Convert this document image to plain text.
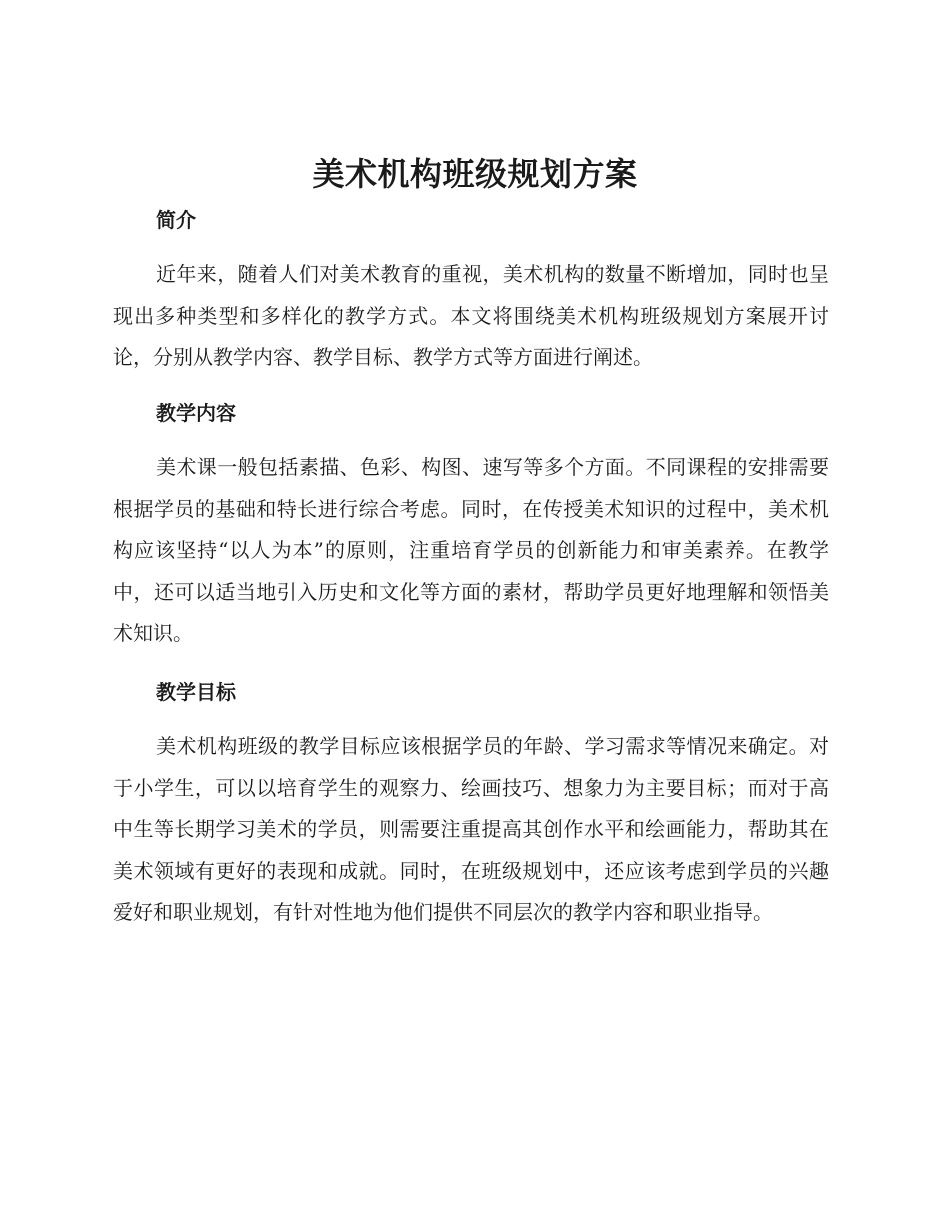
美术机构班级规划方案
简介

近年来，随着人们对美术教育的重视，美术机构的数量不断增加，同时也呈现出多种类型和多样化的教学方式。本文将围绕美术机构班级规划方案展开讨论，分别从教学内容、教学目标、教学方式等方面进行阐述。

教学内容

美术课一般包括素描、色彩、构图、速写等多个方面。不同课程的安排需要根据学员的基础和特长进行综合考虑。同时，在传授美术知识的过程中，美术机构应该坚持“以人为本”的原则，注重培育学员的创新能力和审美素养。在教学中，还可以适当地引入历史和文化等方面的素材，帮助学员更好地理解和领悟美术知识。

教学目标

美术机构班级的教学目标应该根据学员的年龄、学习需求等情况来确定。对于小学生，可以以培育学生的观察力、绘画技巧、想象力为主要目标；而对于高中生等长期学习美术的学员，则需要注重提高其创作水平和绘画能力，帮助其在美术领域有更好的表现和成就。同时，在班级规划中，还应该考虑到学员的兴趣爱好和职业规划，有针对性地为他们提供不同层次的教学内容和职业指导。
